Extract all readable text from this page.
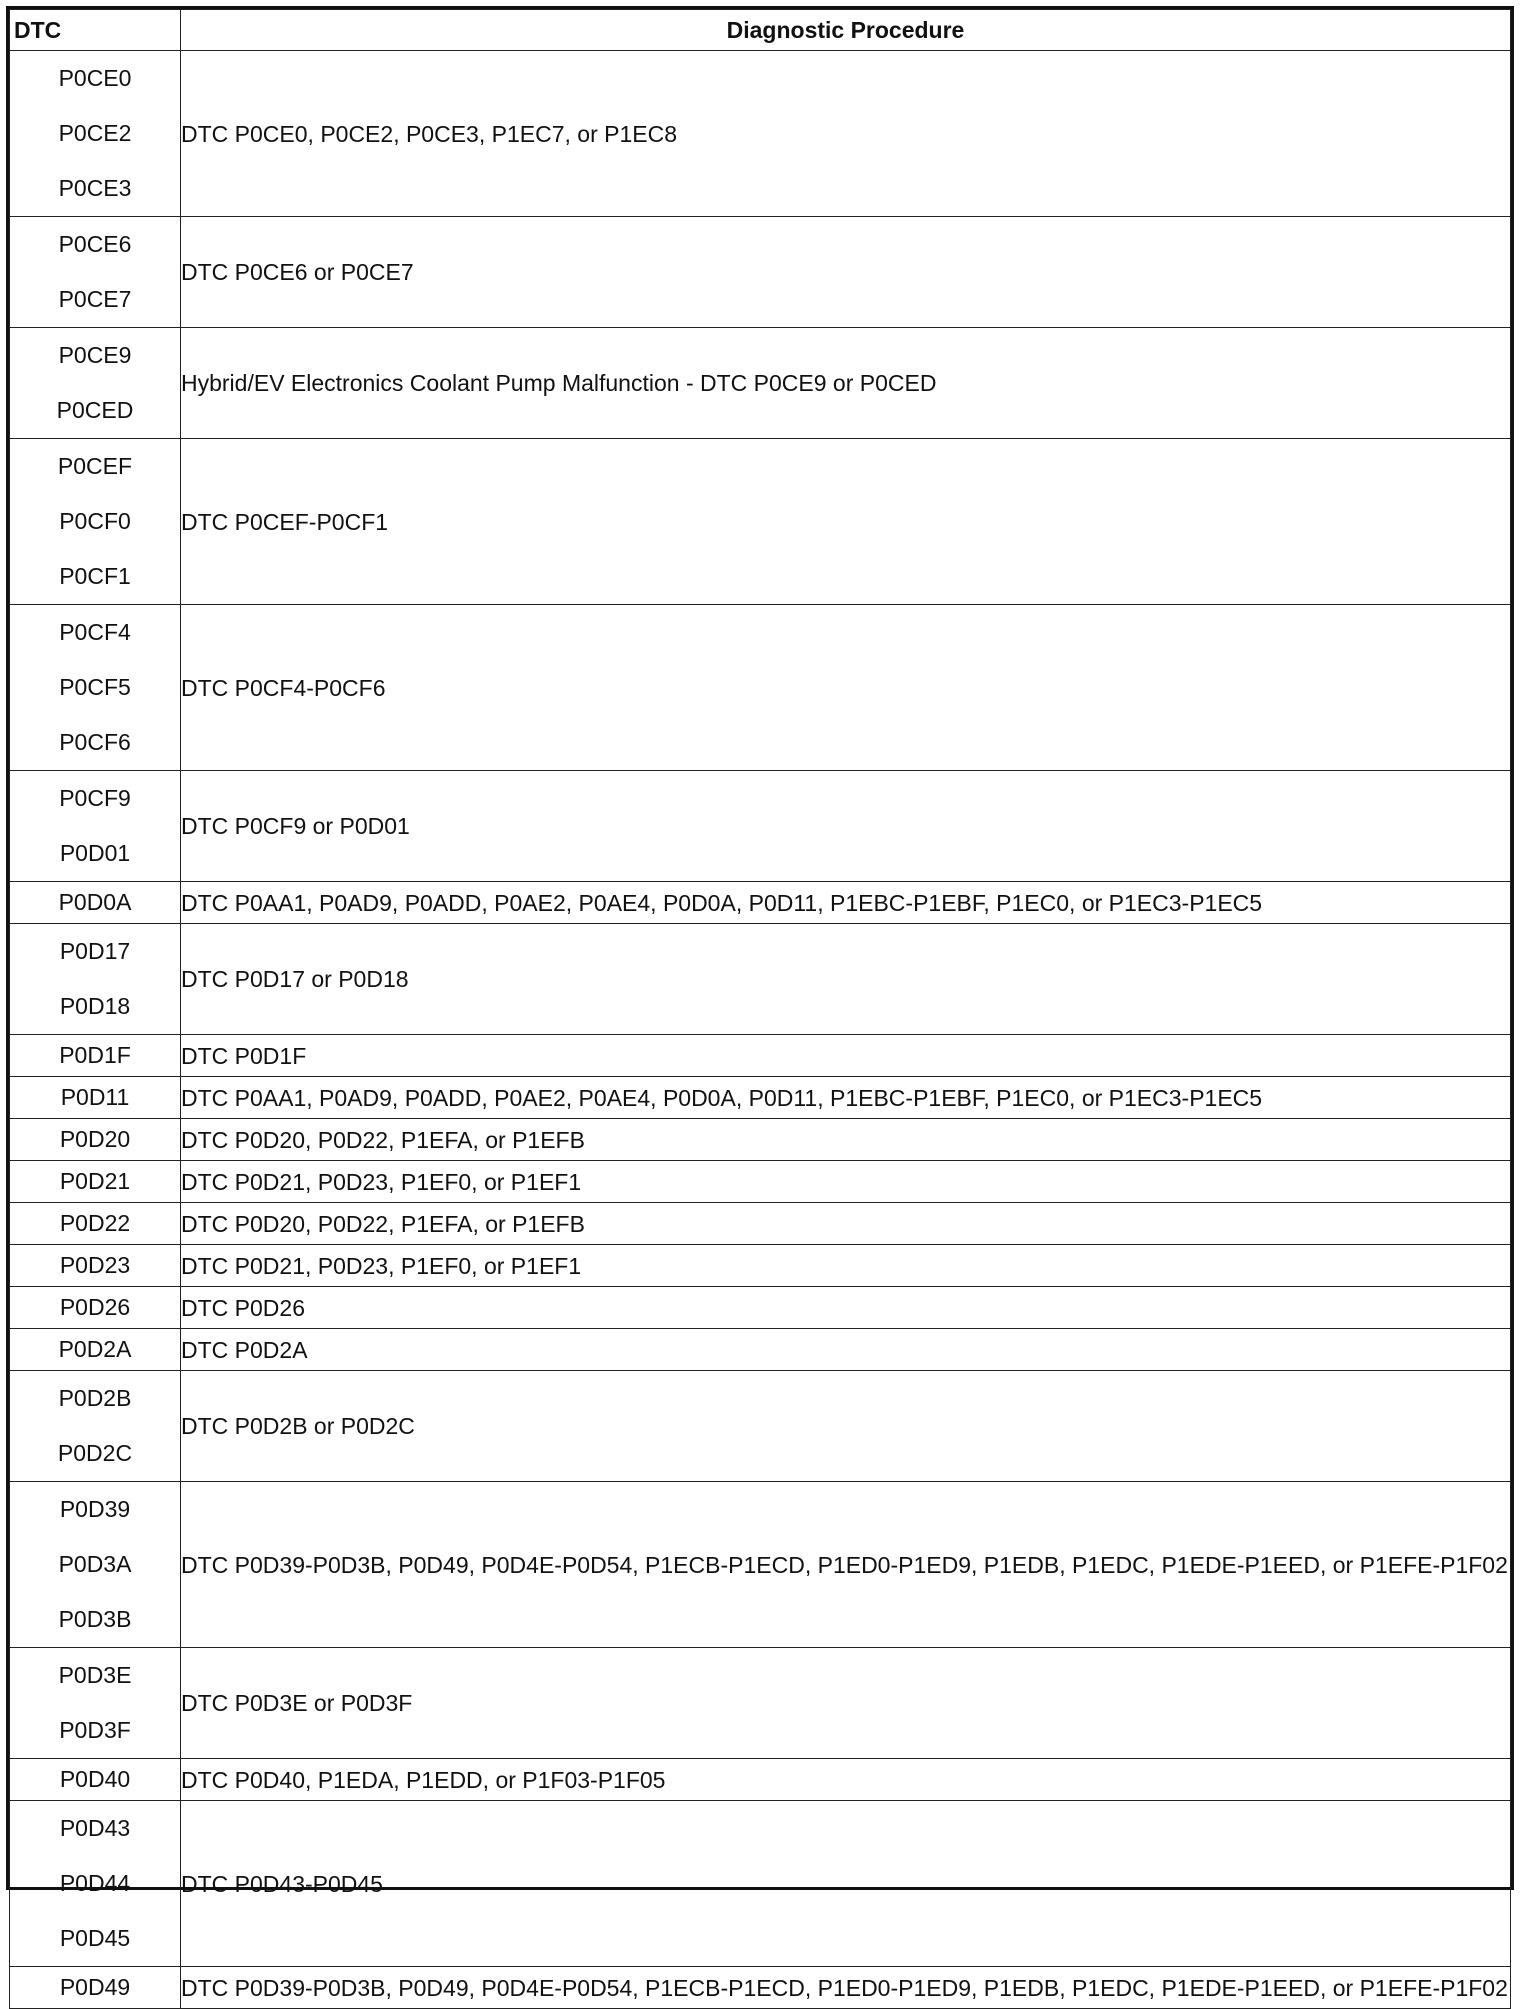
DTC	Diagnostic Procedure

P0CE0
P0CE2
P0CE3	DTC P0CE0, P0CE2, P0CE3, P1EC7, or P1EC8

P0CE6
P0CE7	DTC P0CE6 or P0CE7

P0CE9
P0CED	Hybrid/EV Electronics Coolant Pump Malfunction - DTC P0CE9 or P0CED

P0CEF
P0CF0
P0CF1	DTC P0CEF-P0CF1

P0CF4
P0CF5
P0CF6	DTC P0CF4-P0CF6

P0CF9
P0D01	DTC P0CF9 or P0D01

P0D0A	DTC P0AA1, P0AD9, P0ADD, P0AE2, P0AE4, P0D0A, P0D11, P1EBC-P1EBF, P1EC0, or P1EC3-P1EC5

P0D17
P0D18	DTC P0D17 or P0D18

P0D1F	DTC P0D1F

P0D11	DTC P0AA1, P0AD9, P0ADD, P0AE2, P0AE4, P0D0A, P0D11, P1EBC-P1EBF, P1EC0, or P1EC3-P1EC5

P0D20	DTC P0D20, P0D22, P1EFA, or P1EFB

P0D21	DTC P0D21, P0D23, P1EF0, or P1EF1

P0D22	DTC P0D20, P0D22, P1EFA, or P1EFB

P0D23	DTC P0D21, P0D23, P1EF0, or P1EF1

P0D26	DTC P0D26

P0D2A	DTC P0D2A

P0D2B
P0D2C	DTC P0D2B or P0D2C

P0D39
P0D3A
P0D3B	DTC P0D39-P0D3B, P0D49, P0D4E-P0D54, P1ECB-P1ECD, P1ED0-P1ED9, P1EDB, P1EDC, P1EDE-P1EED, or P1EFE-P1F02

P0D3E
P0D3F	DTC P0D3E or P0D3F

P0D40	DTC P0D40, P1EDA, P1EDD, or P1F03-P1F05

P0D43
P0D44
P0D45	DTC P0D43-P0D45

P0D49	DTC P0D39-P0D3B, P0D49, P0D4E-P0D54, P1ECB-P1ECD, P1ED0-P1ED9, P1EDB, P1EDC, P1EDE-P1EED, or P1EFE-P1F02
